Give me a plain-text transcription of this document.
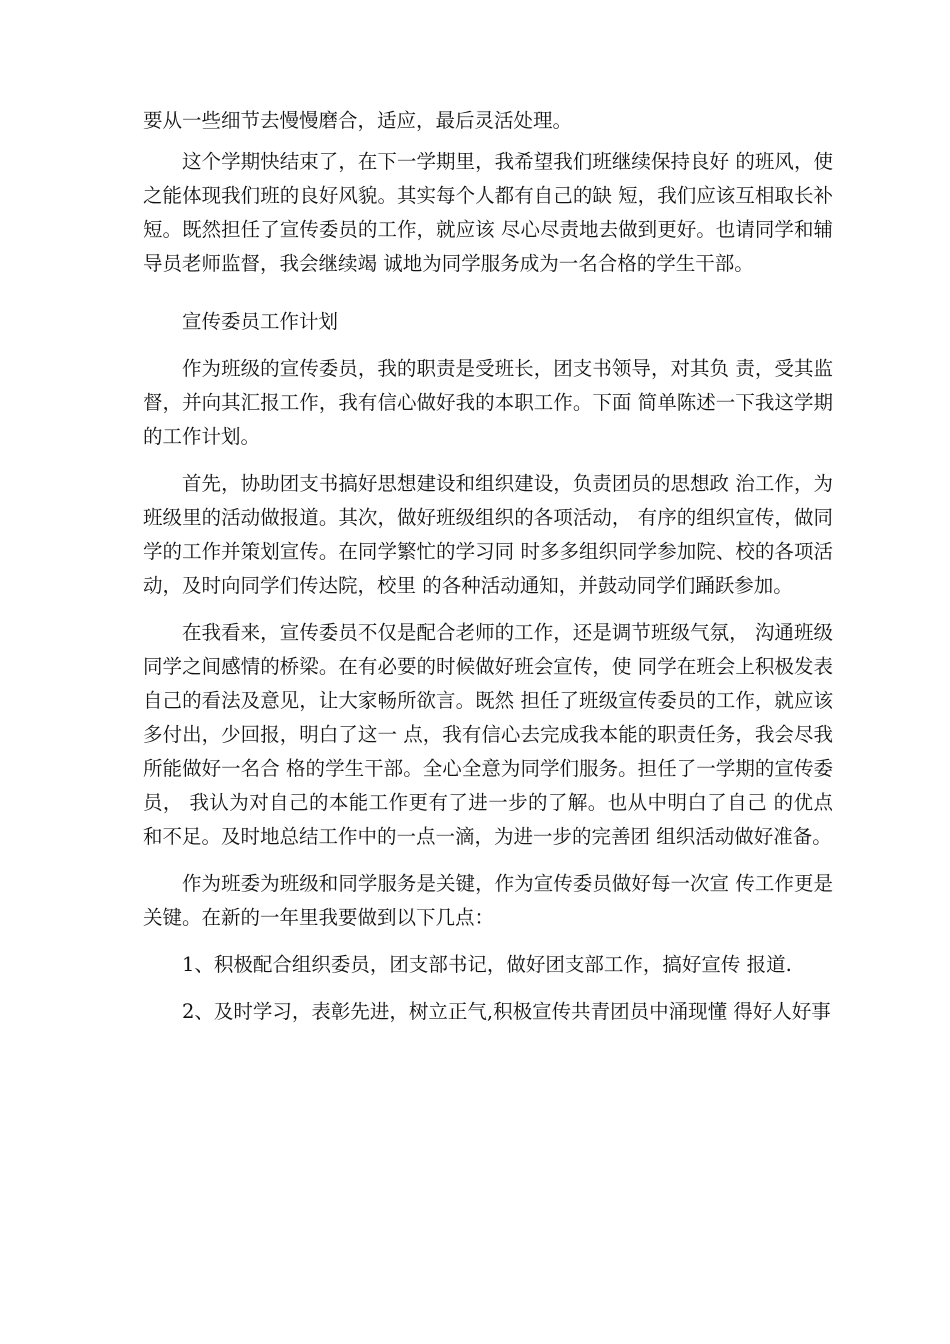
要从一些细节去慢慢磨合，适应，最后灵活处理。

这个学期快结束了，在下一学期里，我希望我们班继续保持良好 的班风，使之能体现我们班的良好风貌。其实每个人都有自己的缺 短，我们应该互相取长补短。既然担任了宣传委员的工作，就应该 尽心尽责地去做到更好。也请同学和辅导员老师监督，我会继续竭 诚地为同学服务成为一名合格的学生干部。

宣传委员工作计划

作为班级的宣传委员，我的职责是受班长，团支书领导，对其负 责，受其监督，并向其汇报工作，我有信心做好我的本职工作。下面 简单陈述一下我这学期的工作计划。

首先，协助团支书搞好思想建设和组织建设，负责团员的思想政 治工作，为班级里的活动做报道。其次，做好班级组织的各项活动， 有序的组织宣传，做同学的工作并策划宣传。在同学繁忙的学习同 时多多组织同学参加院、校的各项活动，及时向同学们传达院，校里 的各种活动通知，并鼓动同学们踊跃参加。

在我看来，宣传委员不仅是配合老师的工作，还是调节班级气氛， 沟通班级同学之间感情的桥梁。在有必要的时候做好班会宣传，使 同学在班会上积极发表自己的看法及意见，让大家畅所欲言。既然 担任了班级宣传委员的工作，就应该多付出，少回报，明白了这一 点，我有信心去完成我本能的职责任务，我会尽我所能做好一名合 格的学生干部。全心全意为同学们服务。担任了一学期的宣传委员， 我认为对自己的本能工作更有了进一步的了解。也从中明白了自己 的优点和不足。及时地总结工作中的一点一滴，为进一步的完善团 组织活动做好准备。

作为班委为班级和同学服务是关键，作为宣传委员做好每一次宣 传工作更是关键。在新的一年里我要做到以下几点：

1、积极配合组织委员，团支部书记，做好团支部工作，搞好宣传 报道.

2、及时学习，表彰先进，树立正气,积极宣传共青团员中涌现懂 得好人好事
